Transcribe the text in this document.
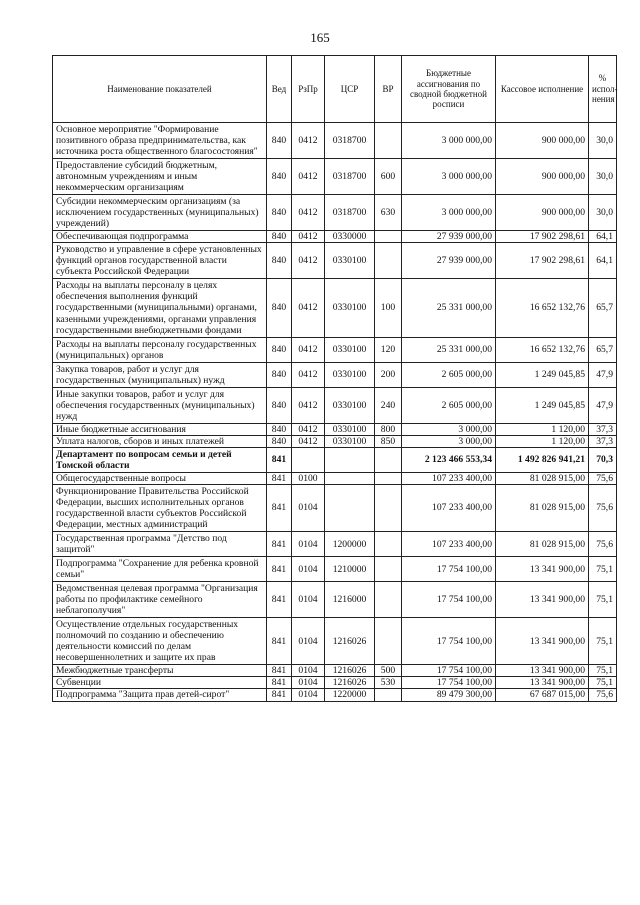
165
Наименование показателей	Вед	РзПр	ЦСР	ВР	Бюджетные ассигнования по сводной бюджетной росписи	Кассовое исполнение	% испол-нения
Основное мероприятие "Формирование позитивного образа предпринимательства, как источника роста общественного благосостояния"	840	0412	0318700		3 000 000,00	900 000,00	30,0
Предоставление субсидий бюджетным, автономным учреждениям и иным некоммерческим организациям	840	0412	0318700	600	3 000 000,00	900 000,00	30,0
Субсидии некоммерческим организациям (за исключением государственных (муниципальных) учреждений)	840	0412	0318700	630	3 000 000,00	900 000,00	30,0
Обеспечивающая подпрограмма	840	0412	0330000		27 939 000,00	17 902 298,61	64,1
Руководство и управление в сфере установленных функций органов государственной власти субъекта Российской Федерации	840	0412	0330100		27 939 000,00	17 902 298,61	64,1
Расходы на выплаты персоналу в целях обеспечения выполнения функций государственными (муниципальными) органами, казенными учреждениями, органами управления государственными внебюджетными фондами	840	0412	0330100	100	25 331 000,00	16 652 132,76	65,7
Расходы на выплаты персоналу государственных (муниципальных) органов	840	0412	0330100	120	25 331 000,00	16 652 132,76	65,7
Закупка товаров, работ и услуг для государственных (муниципальных) нужд	840	0412	0330100	200	2 605 000,00	1 249 045,85	47,9
Иные закупки товаров, работ и услуг для обеспечения государственных (муниципальных) нужд	840	0412	0330100	240	2 605 000,00	1 249 045,85	47,9
Иные бюджетные ассигнования	840	0412	0330100	800	3 000,00	1 120,00	37,3
Уплата налогов, сборов и иных платежей	840	0412	0330100	850	3 000,00	1 120,00	37,3
Департамент по вопросам семьи и детей Томской области	841				2 123 466 553,34	1 492 826 941,21	70,3
Общегосударственные вопросы	841	0100			107 233 400,00	81 028 915,00	75,6
Функционирование Правительства Российской Федерации, высших исполнительных органов государственной власти субъектов Российской Федерации, местных администраций	841	0104			107 233 400,00	81 028 915,00	75,6
Государственная программа "Детство под защитой"	841	0104	1200000		107 233 400,00	81 028 915,00	75,6
Подпрограмма "Сохранение для ребенка кровной семьи"	841	0104	1210000		17 754 100,00	13 341 900,00	75,1
Ведомственная целевая программа "Организация работы по профилактике семейного неблагополучия"	841	0104	1216000		17 754 100,00	13 341 900,00	75,1
Осуществление отдельных государственных полномочий по созданию и обеспечению деятельности комиссий по делам несовершеннолетних и защите их прав	841	0104	1216026		17 754 100,00	13 341 900,00	75,1
Межбюджетные трансферты	841	0104	1216026	500	17 754 100,00	13 341 900,00	75,1
Субвенции	841	0104	1216026	530	17 754 100,00	13 341 900,00	75,1
Подпрограмма "Защита прав детей-сирот"	841	0104	1220000		89 479 300,00	67 687 015,00	75,6
